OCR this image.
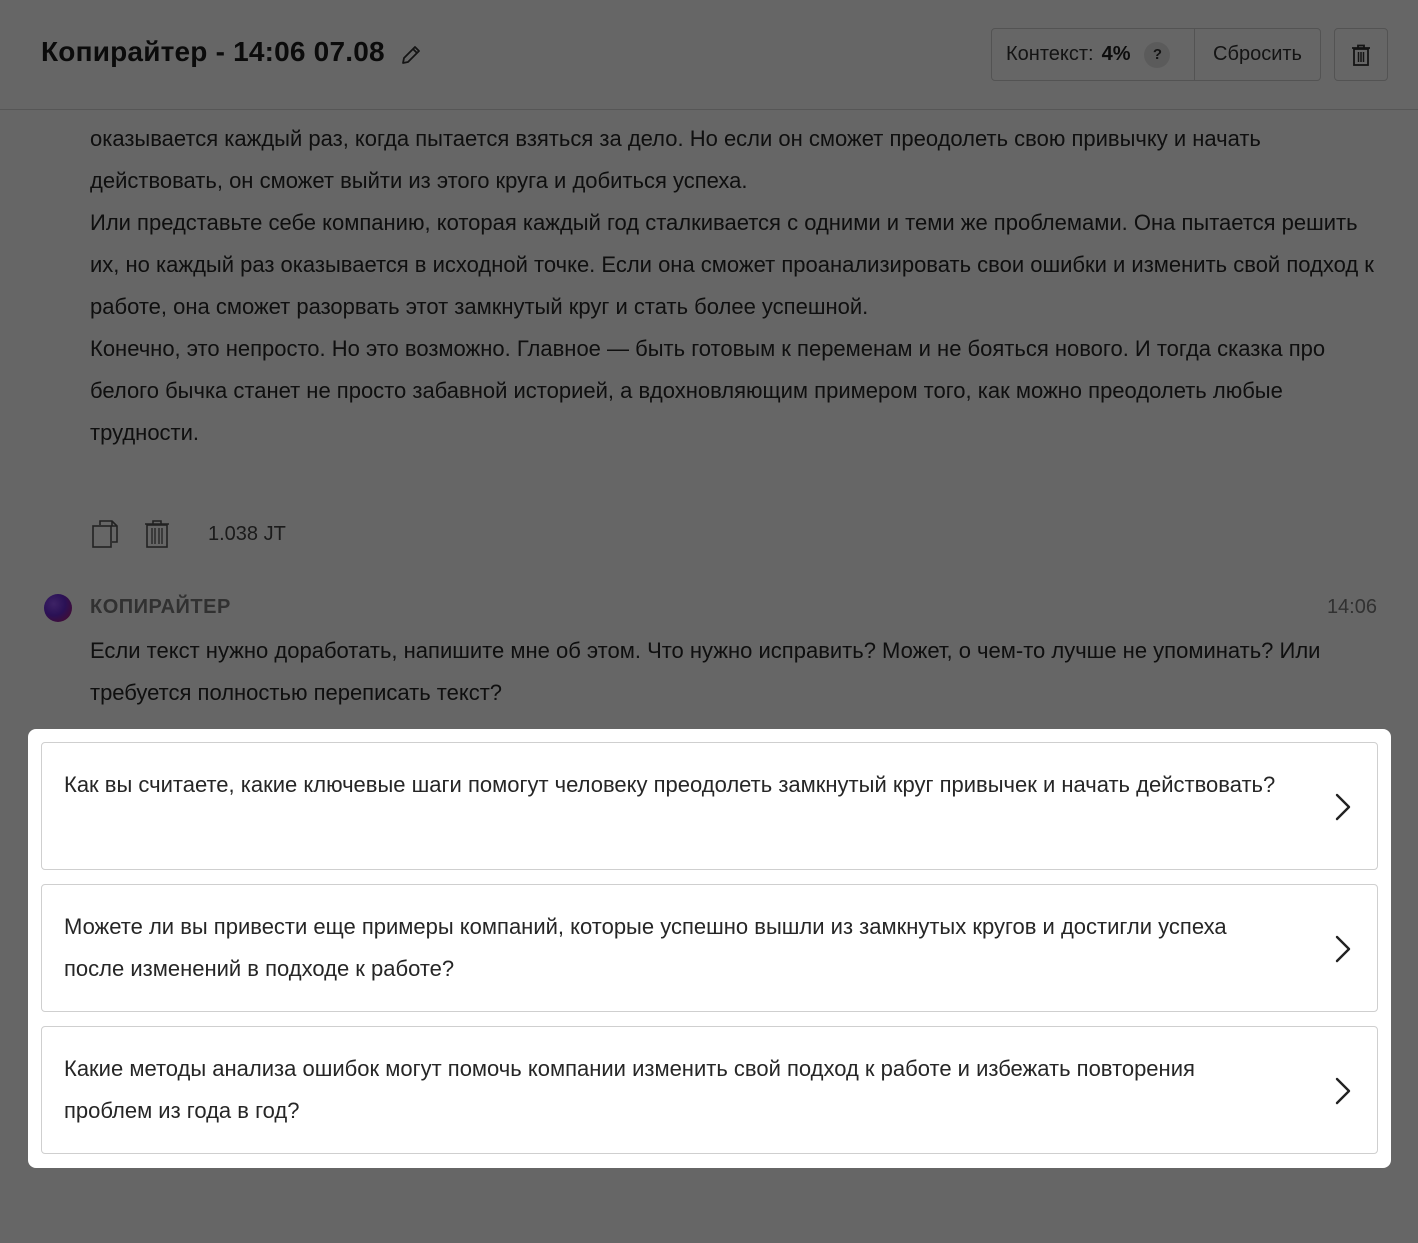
Как вы считаете, какие ключевые шаги помогут человеку преодолеть замкнутый круг привычек и начать действовать?
Можете ли вы привести еще примеры компаний, которые успешно вышли из замкнутых кругов и достигли успеха после изменений в подходе к работе?
Какие методы анализа ошибок могут помочь компании изменить свой подход к работе и избежать повторения проблем из года в год?
